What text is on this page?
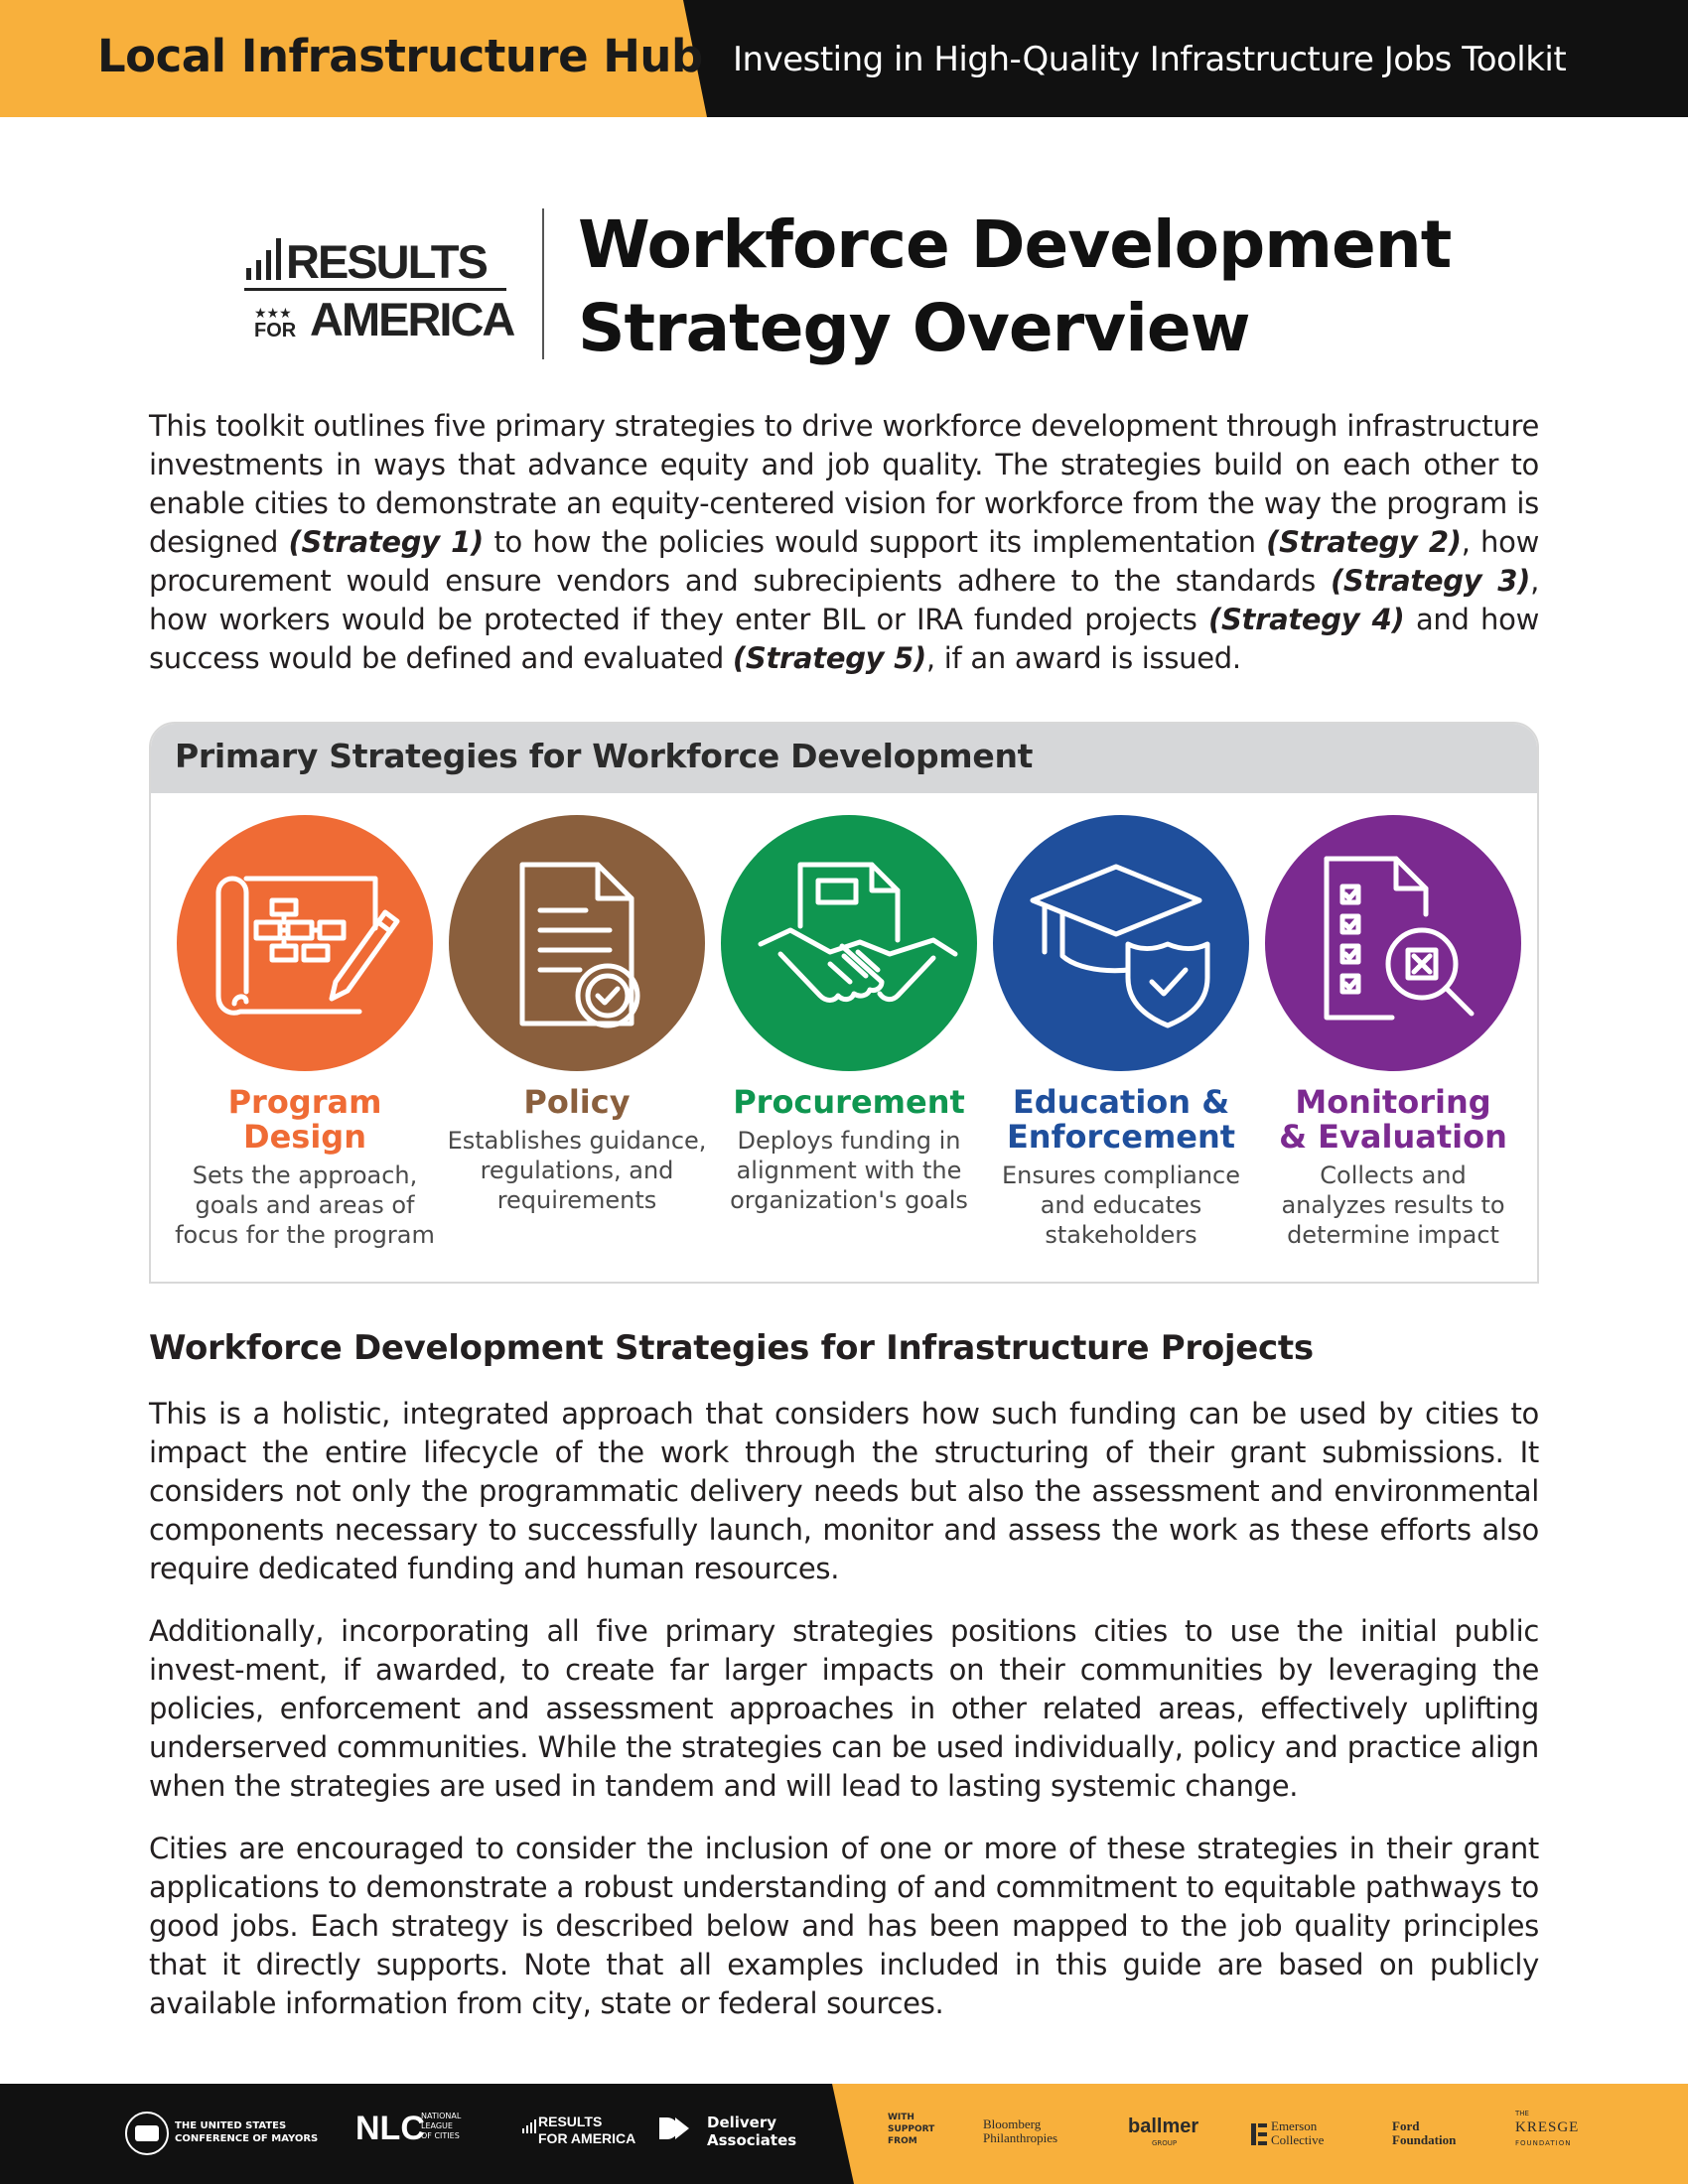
Local Infrastructure Hub Investing in High-Quality Infrastructure Jobs Toolkit
★★★
RESULTS
FOR AMERICA
Workforce Development
Strategy Overview
This toolkit outlines five primary strategies to drive workforce development through infrastructure investments in ways that advance equity and job quality. The strategies build on each other to enable cities to demonstrate an equity-centered vision for workforce from the way the program is designed (Strategy 1) to how the policies would support its implementation (Strategy 2), how procurement would ensure vendors and subrecipients adhere to the standards (Strategy 3), how workers would be protected if they enter BIL or IRA funded projects (Strategy 4) and how success would be defined and evaluated (Strategy 5), if an award is issued.
Primary Strategies for Workforce Development
Program
Design
Sets the approach,
goals and areas of
focus for the program
Policy
Establishes guidance,
regulations, and
requirements
Procurement
Deploys funding in
alignment with the
organization's goals
Education &
Enforcement
Ensures compliance
and educates
stakeholders
Monitoring
& Evaluation
Collects and
analyzes results to
determine impact
Workforce Development Strategies for Infrastructure Projects
This is a holistic, integrated approach that considers how such funding can be used by cities to impact the entire lifecycle of the work through the structuring of their grant submissions. It considers not only the programmatic delivery needs but also the assessment and environmental components necessary to successfully launch, monitor and assess the work as these efforts also require dedicated funding and human resources.
Additionally, incorporating all five primary strategies positions cities to use the initial public invest-ment, if awarded, to create far larger impacts on their communities by leveraging the policies, enforcement and assessment approaches in other related areas, effectively uplifting underserved communities. While the strategies can be used individually, policy and practice align when the strategies are used in tandem and will lead to lasting systemic change.
Cities are encouraged to consider the inclusion of one or more of these strategies in their grant applications to demonstrate a robust understanding of and commitment to equitable pathways to good jobs. Each strategy is described below and has been mapped to the job quality principles that it directly supports. Note that all examples included in this guide are based on publicly available information from city, state or federal sources.
THE UNITED STATES
CONFERENCE OF MAYORS NLC
NATIONAL
LEAGUE
OF CITIES
RESULTS
FOR AMERICA
Delivery
Associates
WITH
SUPPORT
FROM
Bloomberg
Philanthropies
ballmer
GROUP
Emerson
Collective
Ford
Foundation
THE
KRESGE
FOUNDATION
